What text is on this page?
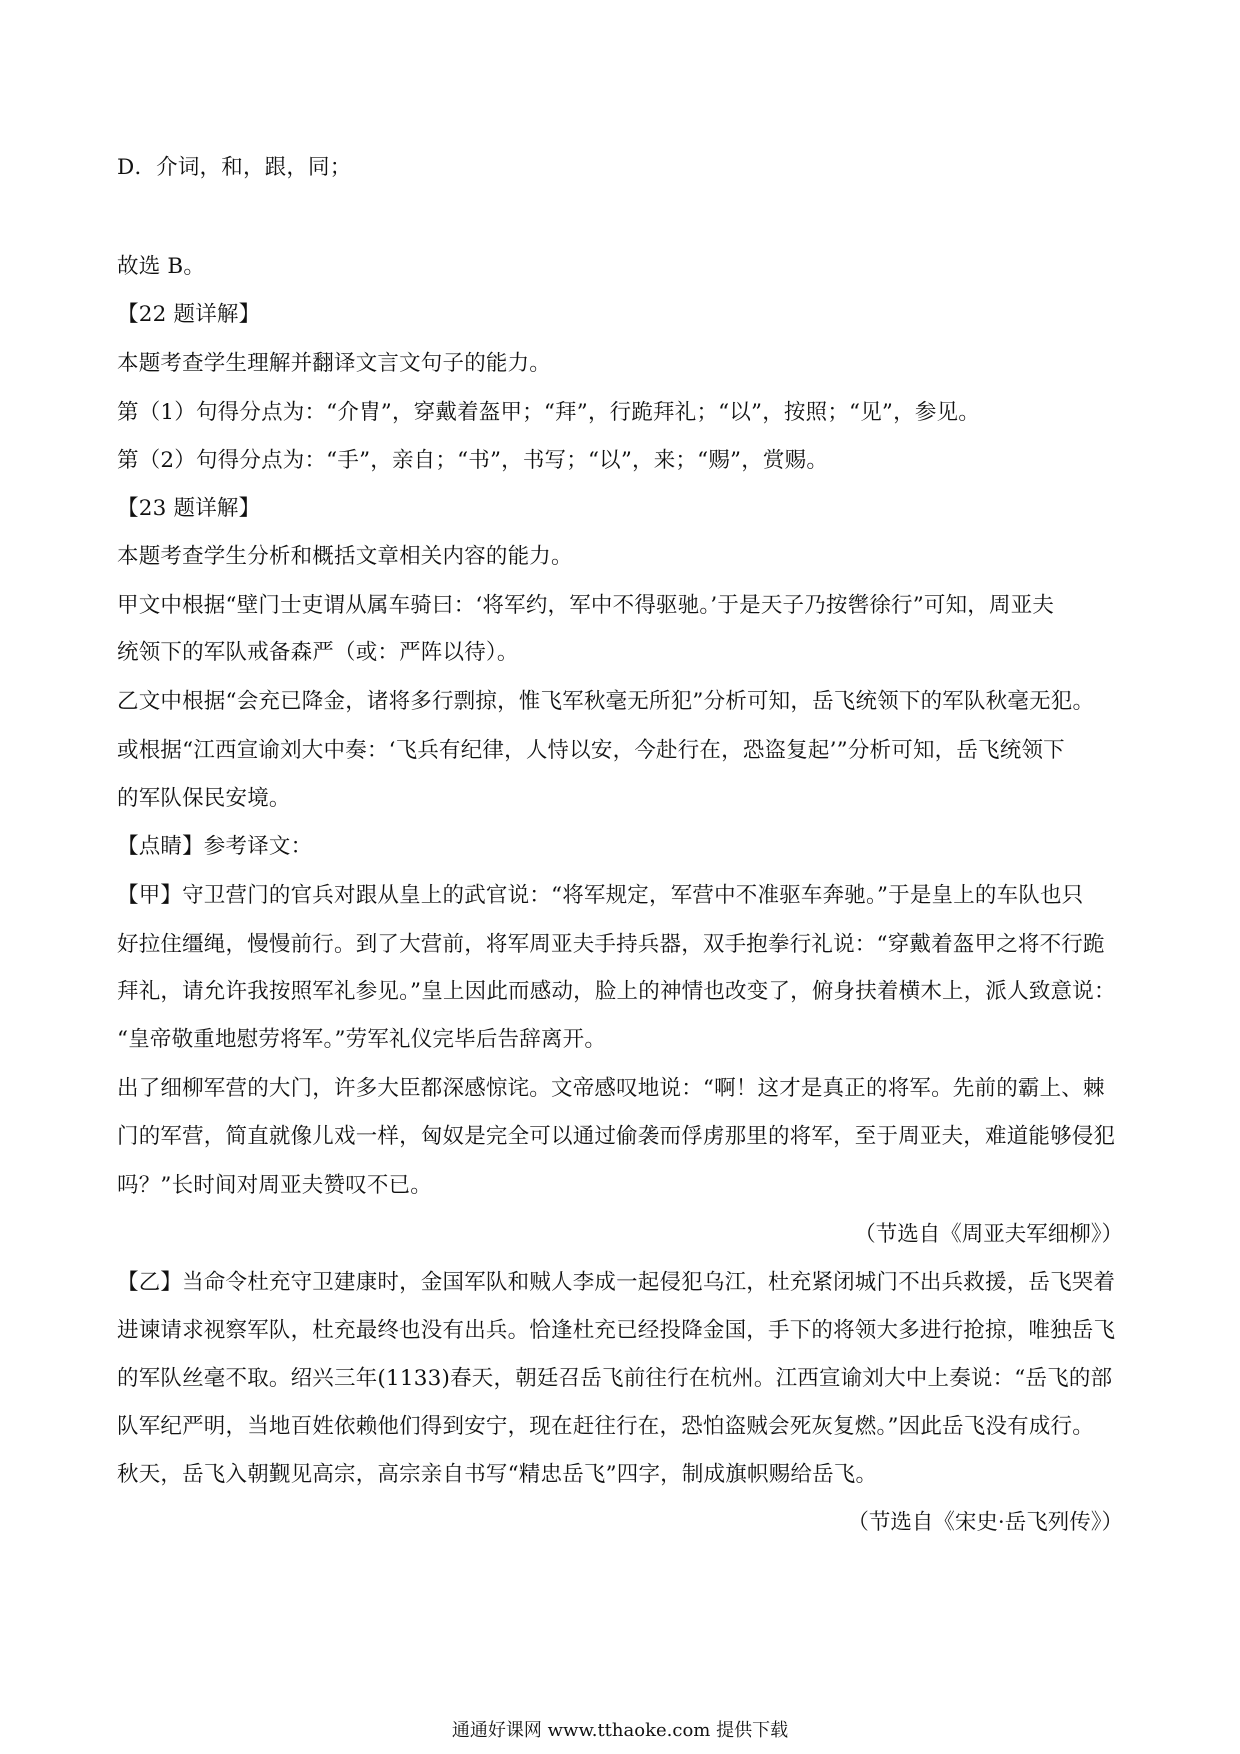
D．介词，和，跟，同；
故选 B。
【22 题详解】
本题考查学生理解并翻译文言文句子的能力。
第（1）句得分点为：“介胄”，穿戴着盔甲；“拜”，行跪拜礼；“以”，按照；“见”，参见。
第（2）句得分点为：“手”，亲自；“书”，书写；“以”，来；“赐”，赏赐。
【23 题详解】
本题考查学生分析和概括文章相关内容的能力。
甲文中根据“壁门士吏谓从属车骑曰：‘将军约，军中不得驱驰。’于是天子乃按辔徐行”可知，周亚夫
统领下的军队戒备森严（或：严阵以待）。
乙文中根据“会充已降金，诸将多行剽掠，惟飞军秋毫无所犯”分析可知，岳飞统领下的军队秋毫无犯。
或根据“江西宣谕刘大中奏：‘飞兵有纪律，人恃以安，今赴行在，恐盗复起’”分析可知，岳飞统领下
的军队保民安境。
【点睛】参考译文：
【甲】守卫营门的官兵对跟从皇上的武官说：“将军规定，军营中不准驱车奔驰。”于是皇上的车队也只
好拉住缰绳，慢慢前行。到了大营前，将军周亚夫手持兵器，双手抱拳行礼说：“穿戴着盔甲之将不行跪
拜礼，请允许我按照军礼参见。”皇上因此而感动，脸上的神情也改变了，俯身扶着横木上，派人致意说：
“皇帝敬重地慰劳将军。”劳军礼仪完毕后告辞离开。
出了细柳军营的大门，许多大臣都深感惊诧。文帝感叹地说：“啊！这才是真正的将军。先前的霸上、棘
门的军营，简直就像儿戏一样，匈奴是完全可以通过偷袭而俘虏那里的将军，至于周亚夫，难道能够侵犯
吗？”长时间对周亚夫赞叹不已。
（节选自《周亚夫军细柳》）
【乙】当命令杜充守卫建康时，金国军队和贼人李成一起侵犯乌江，杜充紧闭城门不出兵救援，岳飞哭着
进谏请求视察军队，杜充最终也没有出兵。恰逢杜充已经投降金国，手下的将领大多进行抢掠，唯独岳飞
的军队丝毫不取。绍兴三年(1133)春天，朝廷召岳飞前往行在杭州。江西宣谕刘大中上奏说：“岳飞的部
队军纪严明，当地百姓依赖他们得到安宁，现在赶往行在，恐怕盗贼会死灰复燃。”因此岳飞没有成行。
秋天，岳飞入朝觐见高宗，高宗亲自书写“精忠岳飞”四字，制成旗帜赐给岳飞。
（节选自《宋史·岳飞列传》）
通通好课网 www.tthaoke.com 提供下载
